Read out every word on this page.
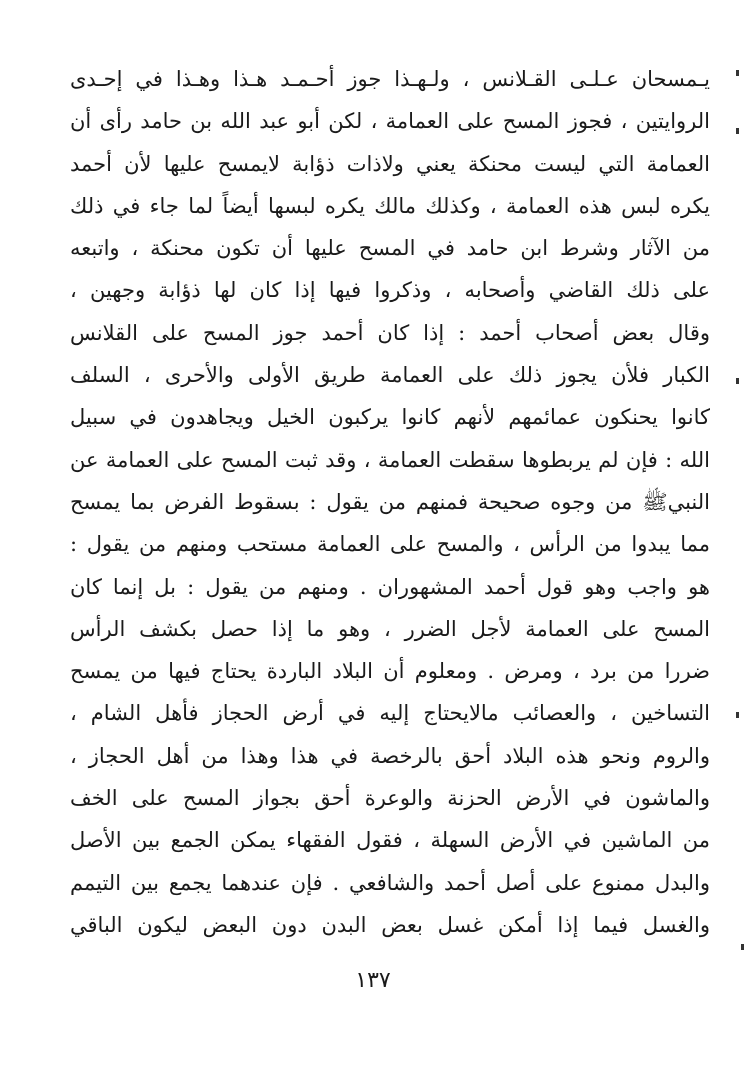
يـمسحان عـلـى القـلانس ، ولـهـذا جوز أحـمـد هـذا وهـذا في إحـدى
الروايتين ، فجوز المسح على العمامة ، لكن أبو عبد الله بن حامد رأى أن
العمامة التي ليست محنكة يعني ولاذات ذؤابة لايمسح عليها لأن أحمد
يكره لبس هذه العمامة ، وكذلك مالك يكره لبسها أيضاً لما جاء في ذلك
من الآثار وشرط ابن حامد في المسح عليها أن تكون محنكة ، واتبعه
على ذلك القاضي وأصحابه ، وذكروا فيها إذا كان لها ذؤابة وجهين ،
وقال بعض أصحاب أحمد : إذا كان أحمد جوز المسح على القلانس
الكبار فلأن يجوز ذلك على العمامة طريق الأولى والأحرى ، السلف
كانوا يحنكون عمائمهم لأنهم كانوا يركبون الخيل ويجاهدون في سبيل
الله : فإن لم يربطوها سقطت العمامة ، وقد ثبت المسح على العمامة عن
النبيﷺ من وجوه صحيحة فمنهم من يقول : بسقوط الفرض بما يمسح
مما يبدوا من الرأس ، والمسح على العمامة مستحب ومنهم من يقول :
هو واجب وهو قول أحمد المشهوران . ومنهم من يقول : بل إنما كان
المسح على العمامة لأجل الضرر ، وهو ما إذا حصل بكشف الرأس
ضررا من برد ، ومرض . ومعلوم أن البلاد الباردة يحتاج فيها من يمسح
التساخين ، والعصائب مالايحتاج إليه في أرض الحجاز فأهل الشام ،
والروم ونحو هذه البلاد أحق بالرخصة في هذا وهذا من أهل الحجاز ،
والماشون في الأرض الحزنة والوعرة أحق بجواز المسح على الخف
من الماشين في الأرض السهلة ، فقول الفقهاء يمكن الجمع بين الأصل
والبدل ممنوع على أصل أحمد والشافعي . فإن عندهما يجمع بين التيمم
والغسل فيما إذا أمكن غسل بعض البدن دون البعض ليكون الباقي
١٣٧
